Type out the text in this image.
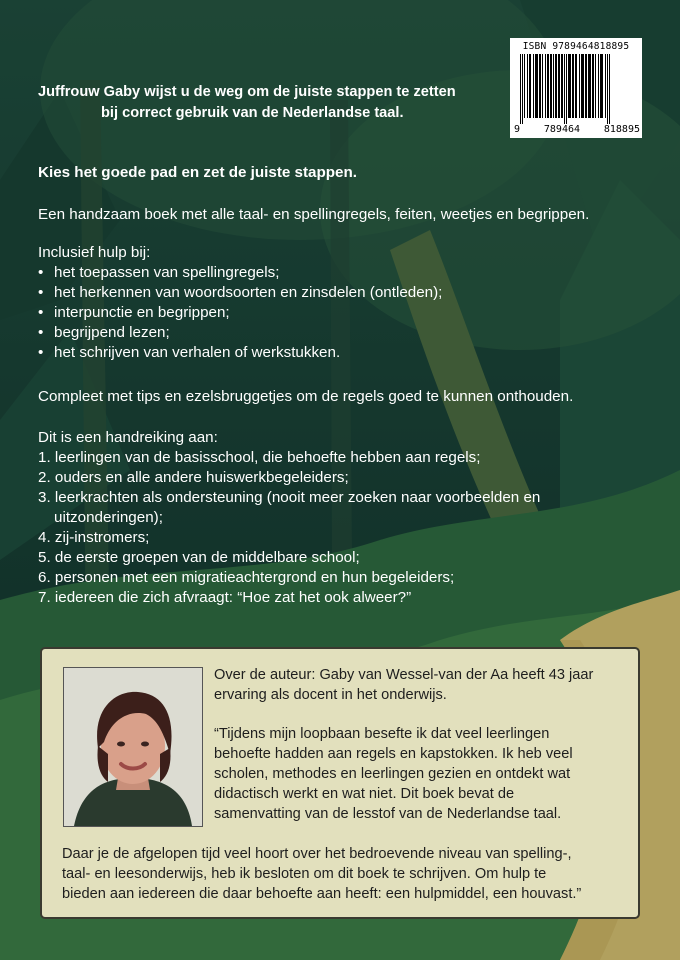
Juffrouw Gaby wijst u de weg om de juiste stappen te zetten
bij correct gebruik van de Nederlandse taal.
ISBN 9789464818895
9 789464 818895
Kies het goede pad en zet de juiste stappen.
Een handzaam boek met alle taal- en spellingregels, feiten, weetjes en begrippen.
Inclusief hulp bij:
• het toepassen van spellingregels;
• het herkennen van woordsoorten en zinsdelen (ontleden);
• interpunctie en begrippen;
• begrijpend lezen;
• het schrijven van verhalen of werkstukken.
Compleet met tips en ezelsbruggetjes om de regels goed te kunnen onthouden.
Dit is een handreiking aan:
1. leerlingen van de basisschool, die behoefte hebben aan regels;
2. ouders en alle andere huiswerkbegeleiders;
3. leerkrachten als ondersteuning (nooit meer zoeken naar voorbeelden en
uitzonderingen);
4. zij-instromers;
5. de eerste groepen van de middelbare school;
6. personen met een migratieachtergrond en hun begeleiders;
7. iedereen die zich afvraagt: “Hoe zat het ook alweer?”
Over de auteur: Gaby van Wessel-van der Aa heeft 43 jaar
ervaring als docent in het onderwijs.
“Tijdens mijn loopbaan besefte ik dat veel leerlingen
behoefte hadden aan regels en kapstokken. Ik heb veel
scholen, methodes en leerlingen gezien en ontdekt wat
didactisch werkt en wat niet. Dit boek bevat de
samenvatting van de lesstof van de Nederlandse taal.
Daar je de afgelopen tijd veel hoort over het bedroevende niveau van spelling-,
taal- en leesonderwijs, heb ik besloten om dit boek te schrijven. Om hulp te
bieden aan iedereen die daar behoefte aan heeft: een hulpmiddel, een houvast.”
